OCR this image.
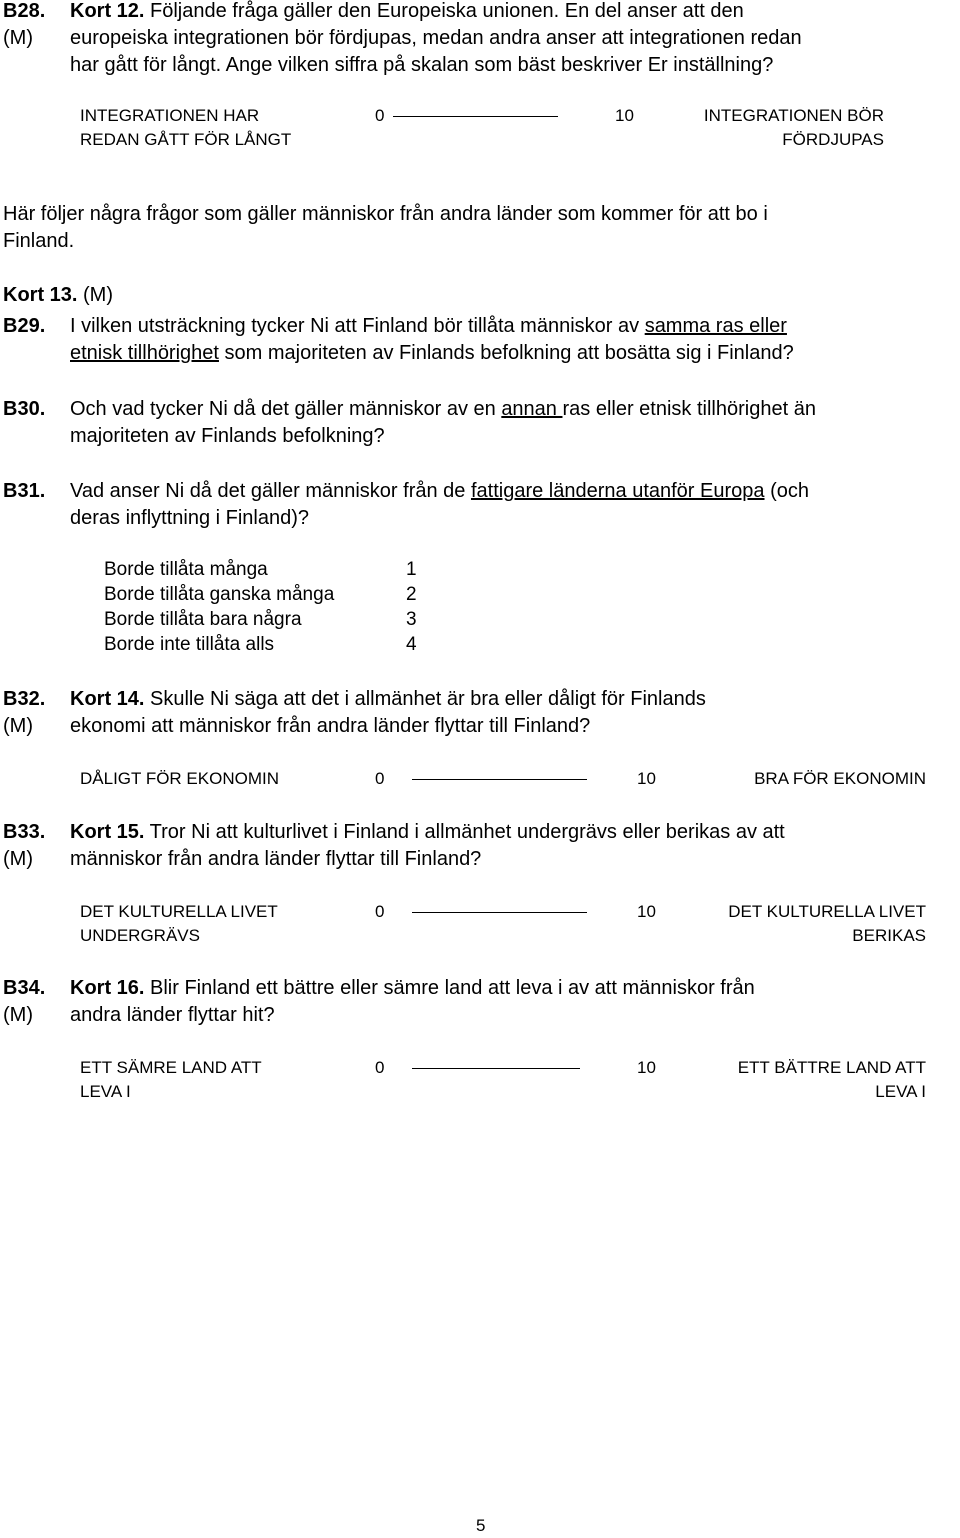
B28.
(M)
Kort 12. Följande fråga gäller den Europeiska unionen. En del anser att den
europeiska integrationen bör fördjupas, medan andra anser att integrationen redan
har gått för långt. Ange vilken siffra på skalan som bäst beskriver Er inställning?
INTEGRATIONEN HAR
REDAN GÅTT FÖR LÅNGT
0	10	INTEGRATIONEN BÖR
FÖRDJUPAS
Här följer några frågor som gäller människor från andra länder som kommer för att bo i
Finland.
Kort 13. (M)
B29. I vilken utsträckning tycker Ni att Finland bör tillåta människor av samma ras eller
etnisk tillhörighet som majoriteten av Finlands befolkning att bosätta sig i Finland?
B30. Och vad tycker Ni då det gäller människor av en annan ras eller etnisk tillhörighet än
majoriteten av Finlands befolkning?
B31. Vad anser Ni då det gäller människor från de fattigare länderna utanför Europa (och
deras inflyttning i Finland)?
Borde tillåta många	1
Borde tillåta ganska många	2
Borde tillåta bara några	3
Borde inte tillåta alls	4
B32.
(M)
Kort 14. Skulle Ni säga att det i allmänhet är bra eller dåligt för Finlands
ekonomi att människor från andra länder flyttar till Finland?
DÅLIGT FÖR EKONOMIN	0	10	BRA FÖR EKONOMIN
B33.
(M)
Kort 15. Tror Ni att kulturlivet i Finland i allmänhet undergrävs eller berikas av att
människor från andra länder flyttar till Finland?
DET KULTURELLA LIVET
UNDERGRÄVS
0	10	DET KULTURELLA LIVET
BERIKAS
B34.
(M)
Kort 16. Blir Finland ett bättre eller sämre land att leva i av att människor från
andra länder flyttar hit?
ETT SÄMRE LAND ATT
LEVA I
0	10	ETT BÄTTRE LAND ATT
LEVA I
5
